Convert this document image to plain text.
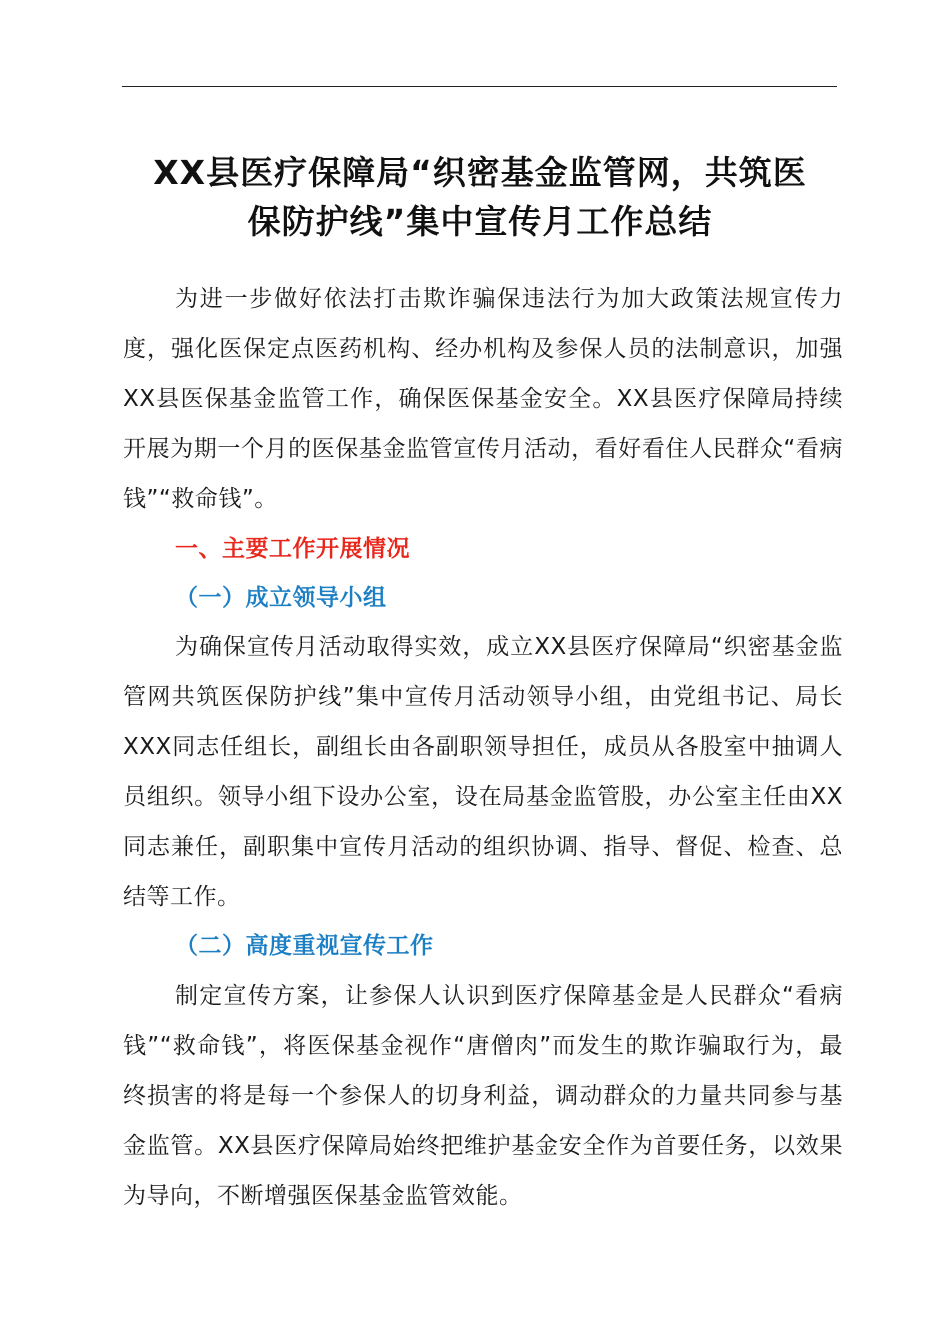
XX县医疗保障局“织密基金监管网，共筑医
保防护线”集中宣传月工作总结

为进一步做好依法打击欺诈骗保违法行为加大政策法规宣传力度，强化医保定点医药机构、经办机构及参保人员的法制意识，加强XX县医保基金监管工作，确保医保基金安全。XX县医疗保障局持续开展为期一个月的医保基金监管宣传月活动，看好看住人民群众“看病钱”“救命钱”。

一、主要工作开展情况
（一）成立领导小组

为确保宣传月活动取得实效，成立XX县医疗保障局“织密基金监管网共筑医保防护线”集中宣传月活动领导小组，由党组书记、局长XXX同志任组长，副组长由各副职领导担任，成员从各股室中抽调人员组织。领导小组下设办公室，设在局基金监管股，办公室主任由XX同志兼任，副职集中宣传月活动的组织协调、指导、督促、检查、总结等工作。

（二）高度重视宣传工作

制定宣传方案，让参保人认识到医疗保障基金是人民群众“看病钱”“救命钱”，将医保基金视作“唐僧肉”而发生的欺诈骗取行为，最终损害的将是每一个参保人的切身利益，调动群众的力量共同参与基金监管。XX县医疗保障局始终把维护基金安全作为首要任务，以效果为导向，不断增强医保基金监管效能。
